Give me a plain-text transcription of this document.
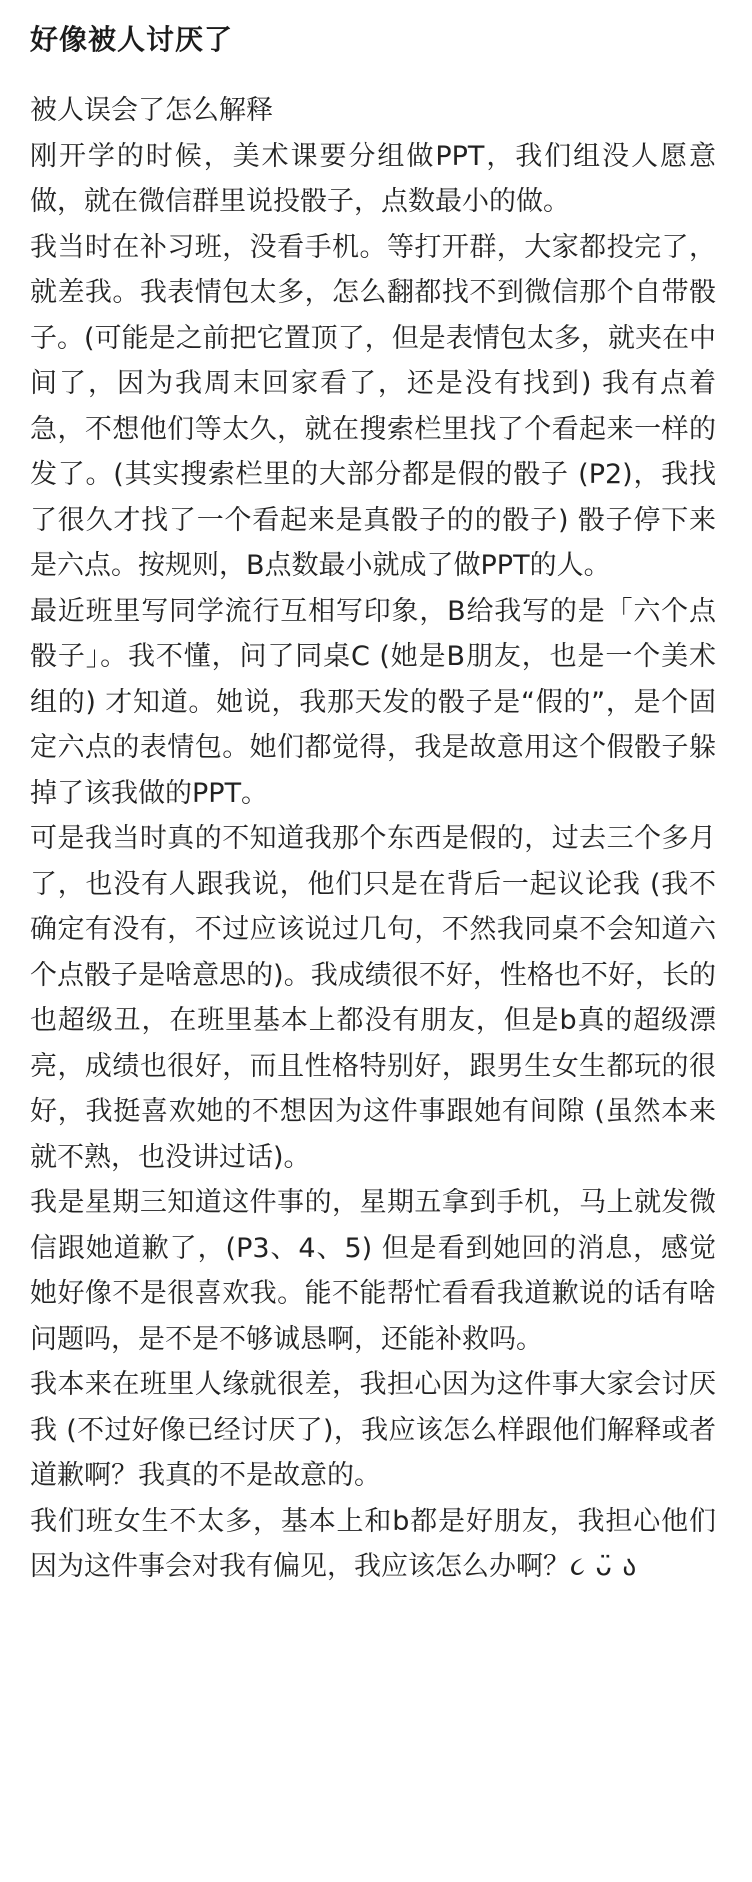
好像被人讨厌了

被人误会了怎么解释

刚开学的时候，美术课要分组做PPT，我们组没人愿意做，就在微信群里说投骰子，点数最小的做。

我当时在补习班，没看手机。等打开群，大家都投完了，就差我。我表情包太多，怎么翻都找不到微信那个自带骰子。(可能是之前把它置顶了，但是表情包太多，就夹在中间了，因为我周末回家看了，还是没有找到) 我有点着急，不想他们等太久，就在搜索栏里找了个看起来一样的发了。(其实搜索栏里的大部分都是假的骰子 (P2)，我找了很久才找了一个看起来是真骰子的的骰子) 骰子停下来是六点。按规则，B点数最小就成了做PPT的人。

最近班里写同学流行互相写印象，B给我写的是「六个点骰子」。我不懂，问了同桌C (她是B朋友，也是一个美术组的) 才知道。她说，我那天发的骰子是“假的”，是个固定六点的表情包。她们都觉得，我是故意用这个假骰子躲掉了该我做的PPT。

可是我当时真的不知道我那个东西是假的，过去三个多月了，也没有人跟我说，他们只是在背后一起议论我 (我不确定有没有，不过应该说过几句，不然我同桌不会知道六个点骰子是啥意思的)。我成绩很不好，性格也不好，长的也超级丑，在班里基本上都没有朋友，但是b真的超级漂亮，成绩也很好，而且性格特别好，跟男生女生都玩的很好，我挺喜欢她的不想因为这件事跟她有间隙 (虽然本来就不熟，也没讲过话)。

我是星期三知道这件事的，星期五拿到手机，马上就发微信跟她道歉了，(P3、4、5) 但是看到她回的消息，感觉她好像不是很喜欢我。能不能帮忙看看我道歉说的话有啥问题吗，是不是不够诚恳啊，还能补救吗。

我本来在班里人缘就很差，我担心因为这件事大家会讨厌我 (不过好像已经讨厌了)，我应该怎么样跟他们解释或者道歉啊？我真的不是故意的。

我们班女生不太多，基本上和b都是好朋友，我担心他们因为这件事会对我有偏见，我应该怎么办啊？૮ ᴗ̈ ა
